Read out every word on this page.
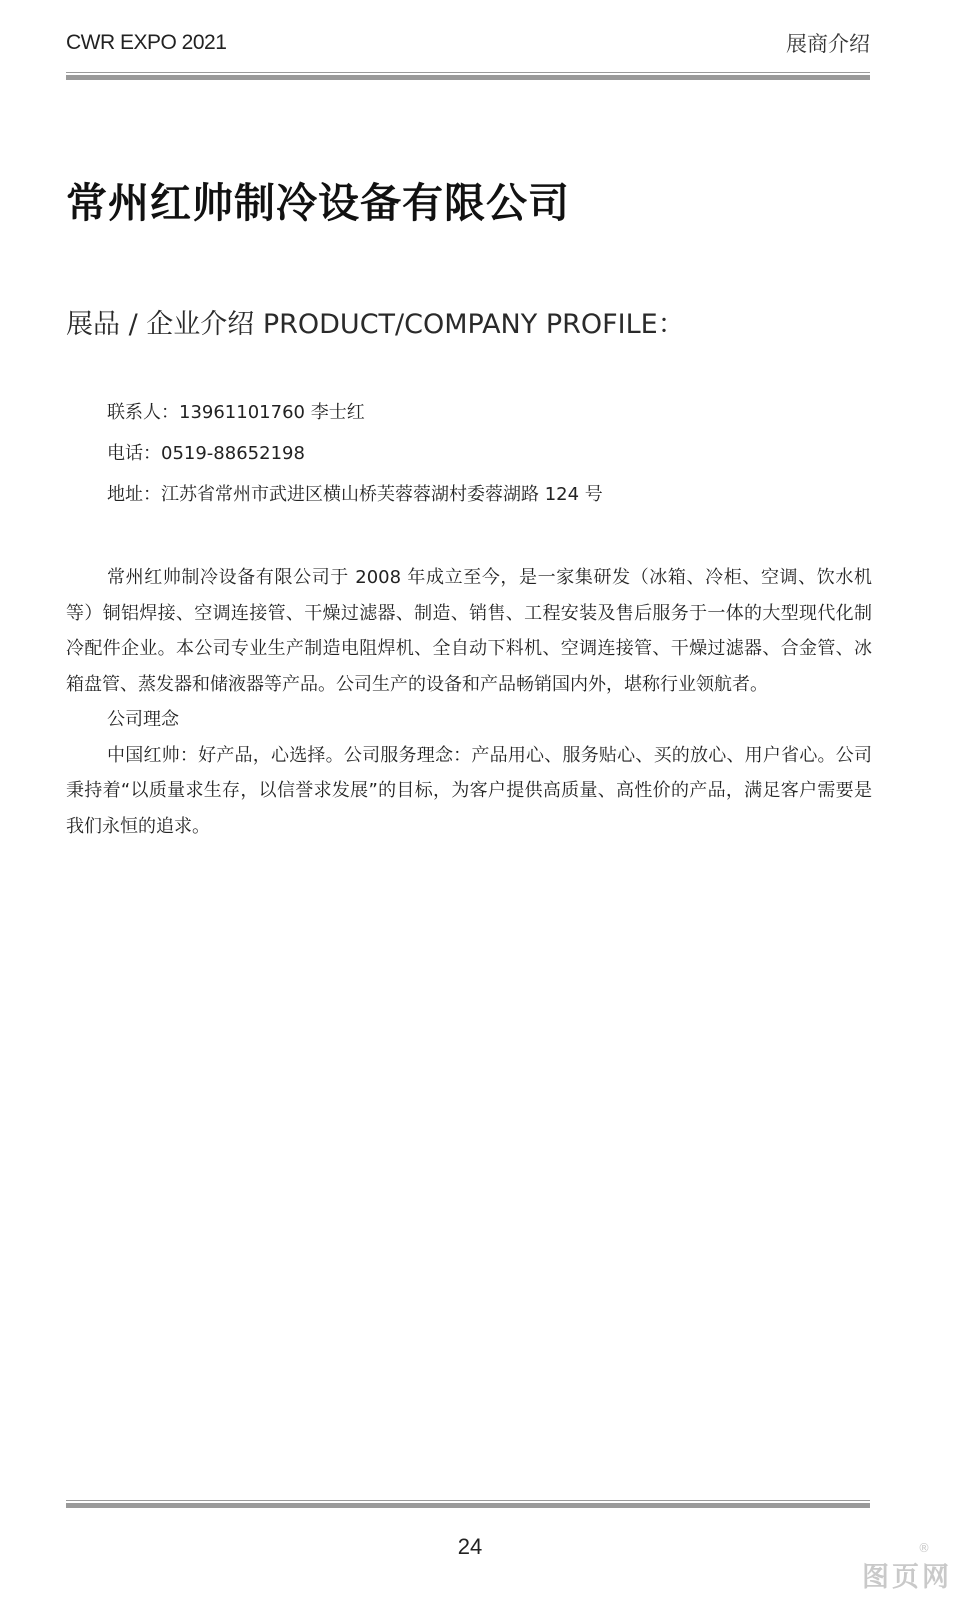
CWR EXPO 2021	展商介绍
常州红帅制冷设备有限公司
展品 / 企业介绍 PRODUCT/COMPANY PROFILE：
联系人：13961101760 李士红
电话：0519-88652198
地址：江苏省常州市武进区横山桥芙蓉蓉湖村委蓉湖路 124 号

常州红帅制冷设备有限公司于 2008 年成立至今，是一家集研发（冰箱、冷柜、空调、饮水机等）铜铝焊接、空调连接管、干燥过滤器、制造、销售、工程安装及售后服务于一体的大型现代化制冷配件企业。本公司专业生产制造电阻焊机、全自动下料机、空调连接管、干燥过滤器、合金管、冰箱盘管、蒸发器和储液器等产品。公司生产的设备和产品畅销国内外，堪称行业领航者。

公司理念

中国红帅：好产品，心选择。公司服务理念：产品用心、服务贴心、买的放心、用户省心。公司秉持着“以质量求生存，以信誉求发展”的目标，为客户提供高质量、高性价的产品，满足客户需要是我们永恒的追求。

24
图页网
®
